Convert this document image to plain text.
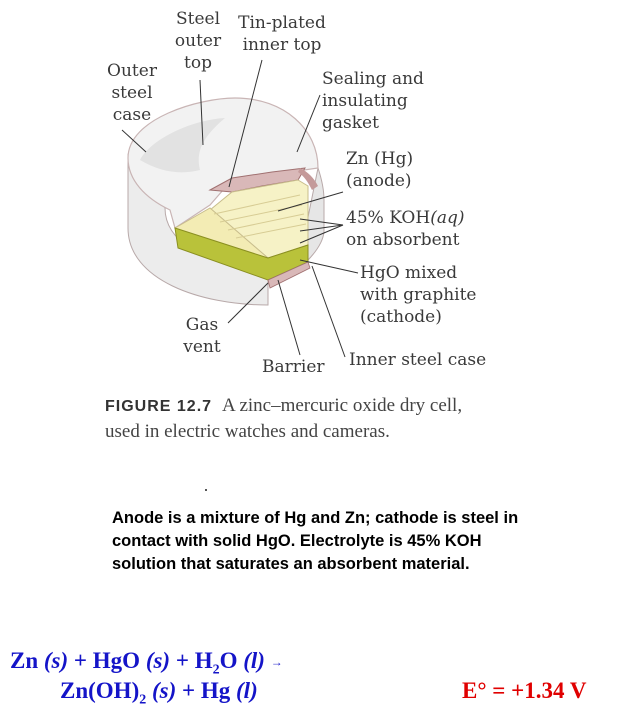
Steel
outer
top
Tin-plated
inner top
Outer
steel
case
Sealing and
insulating
gasket
Zn (Hg)
(anode)
45% KOH(aq)
on absorbent
HgO mixed
with graphite
(cathode)
Gas
vent
Barrier Inner steel case
FIGURE 12.7 A zinc–mercuric oxide dry cell, used in electric watches and cameras.
Anode is a mixture of Hg and Zn; cathode is steel in contact with solid HgO. Electrolyte is 45% KOH solution that saturates an absorbent material.
Zn (s) + HgO $(s) + H_2O$ (l) →
$Zn(OH)_2$ (s) + Hg (l)	E° = +1.34 V
